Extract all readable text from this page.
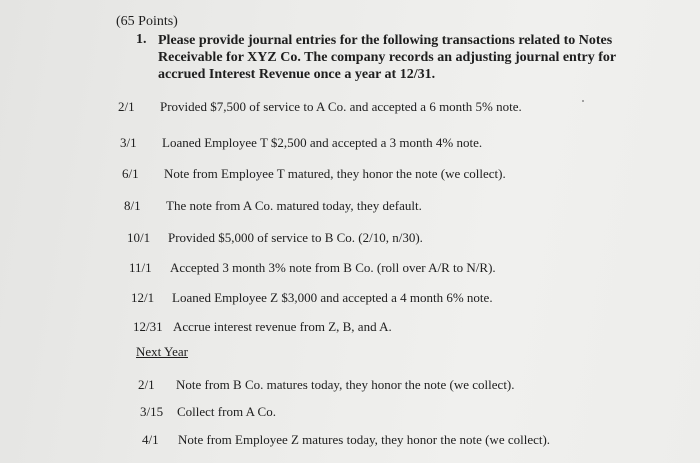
(65 Points)
1. Please provide journal entries for the following transactions related to Notes Receivable for XYZ Co. The company records an adjusting journal entry for accrued Interest Revenue once a year at 12/31.
2/1 Provided $7,500 of service to A Co. and accepted a 6 month 5% note.
3/1 Loaned Employee T $2,500 and accepted a 3 month 4% note.
6/1 Note from Employee T matured, they honor the note (we collect).
8/1 The note from A Co. matured today, they default.
10/1 Provided $5,000 of service to B Co. (2/10, n/30).
11/1 Accepted 3 month 3% note from B Co. (roll over A/R to N/R).
12/1 Loaned Employee Z $3,000 and accepted a 4 month 6% note.
12/31 Accrue interest revenue from Z, B, and A.
Next Year
2/1 Note from B Co. matures today, they honor the note (we collect).
3/15 Collect from A Co.
4/1 Note from Employee Z matures today, they honor the note (we collect).
